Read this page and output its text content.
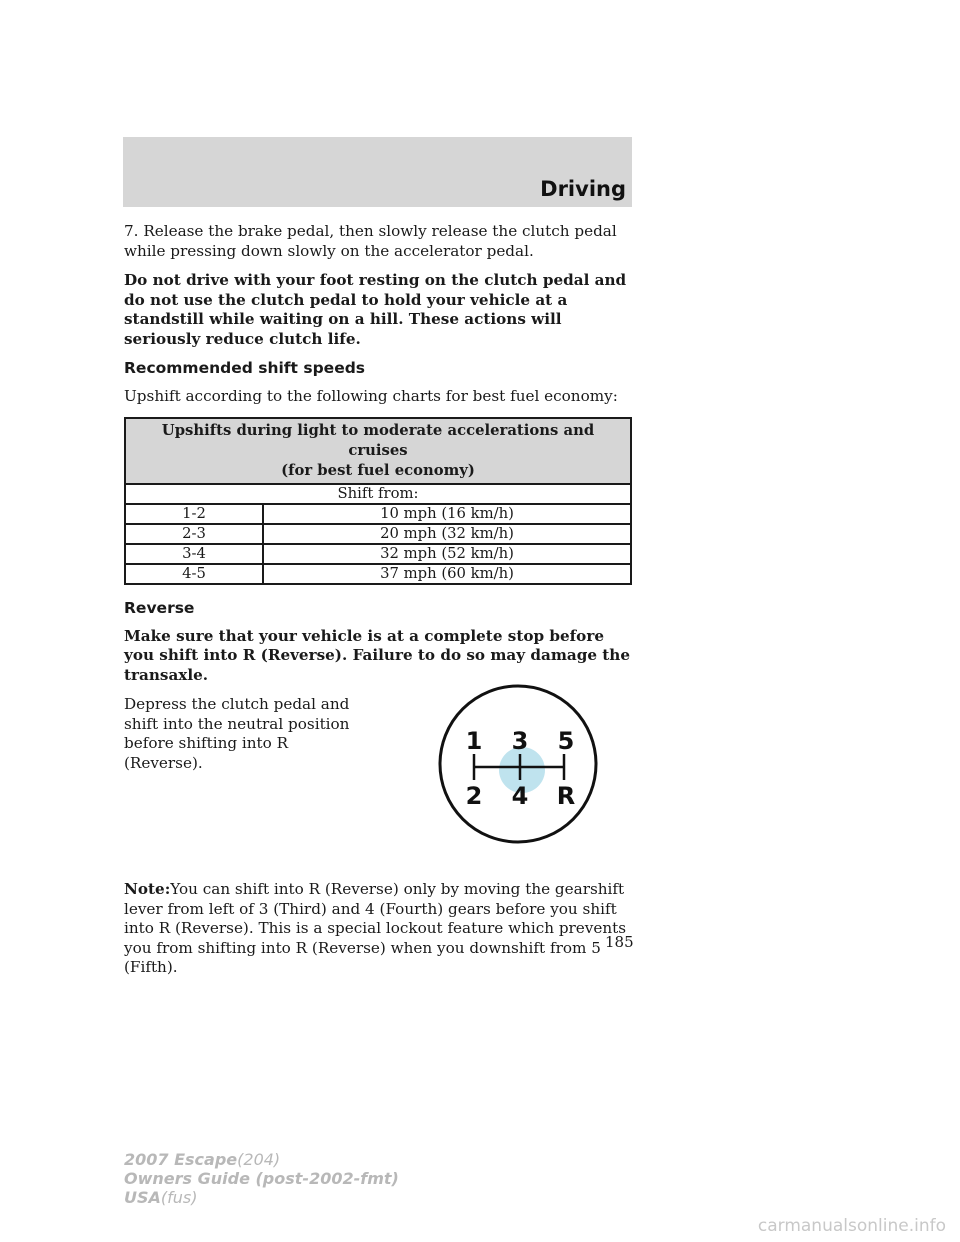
Driving

7. Release the brake pedal, then slowly release the clutch pedal while pressing down slowly on the accelerator pedal.

Do not drive with your foot resting on the clutch pedal and do not use the clutch pedal to hold your vehicle at a standstill while waiting on a hill. These actions will seriously reduce clutch life.

Recommended shift speeds

Upshift according to the following charts for best fuel economy:

Upshifts during light to moderate accelerations and cruises
(for best fuel economy)	
Shift from:	
1-2	10 mph (16 km/h)
2-3	20 mph (32 km/h)
3-4	32 mph (52 km/h)
4-5	37 mph (60 km/h)
Reverse

Make sure that your vehicle is at a complete stop before you shift into R (Reverse). Failure to do so may damage the transaxle.

Depress the clutch pedal and shift into the neutral position before shifting into R (Reverse).

1 3 5
2 4 R

Note:You can shift into R (Reverse) only by moving the gearshift lever from left of 3 (Third) and 4 (Fourth) gears before you shift into R (Reverse). This is a special lockout feature which prevents you from shifting into R (Reverse) when you downshift from 5 (Fifth).

185
2007 Escape(204)
Owners Guide (post-2002-fmt)
USA(fus)
carmanualsonline.info
